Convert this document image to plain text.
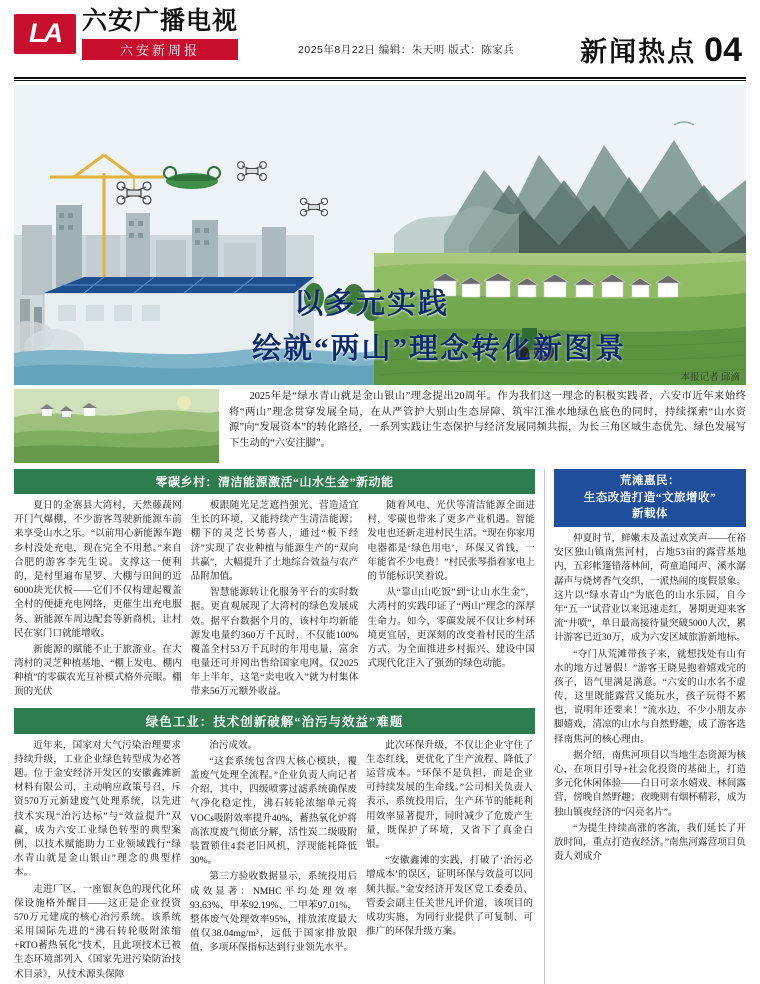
LA 六安广播电视
六安新周报	2025年8月22日 编辑：朱天明 版式：陈家兵 新闻热点 04
以多元实践
绘就“两山”理念转化新图景
本报记者 邱滴
2025年是“绿水青山就是金山银山”理念提出20周年。作为我们这一理念的积极实践者，六安市近年来始终将“两山”理念贯穿发展全局，在从严管护大别山生态屏障、筑牢江淮水地绿色底色的同时，持续探索“山水资源”向“发展资本”的转化路径，一系列实践让生态保护与经济发展同频共振，为长三角区域生态优先、绿色发展写下生动的“六安注脚”。
零碳乡村：清洁能源激活“山水生金”新动能

夏日的金寨县大湾村，天然藤蔬网开门气爆棚，不少游客驾驶新能源车前来享受山水之乐。“以前用心新能源车跑乡村没处充电，现在完全不用愁。”来自合肥的游客李先生说。支撑这一便利的，是村里遍布星罗、大棚与田间的近6000块光伏板——它们不仅构建起覆盖全村的便捷充电网络，更催生出充电服务、新能源车周边配套等新商机，让村民在家门口就能增收。

新能源的赋能不止于旅游业。在大湾村的灵芝种植基地、“棚上发电、棚内种植”的零碳农光互补模式格外亮眼。棚顶的光伏

板跟随光足芝遮挡强光、营造适宜生长的环境，又能持续产生清洁能源；棚下的灵芝长势喜人，通过“板下经济”实现了农业种植与能源生产的“双向共赢”，大幅提升了土地综合效益与农产品附加值。

智慧能源转让化服务平台的实时数据。更直观展现了大湾村的绿色发展成效。据平台数据个月的，该村年均新能源发电量约360万千瓦时，不仅能100%覆盖全村53万千瓦时的年用电量，富余电量还可并网出售给国家电网。仅2025年上半年，这笔“卖电收入”就为村集体带来56万元额外收益。

随着风电、光伏等清洁能源全面进村，零碳也带来了更多产业机遇。智能发电也还新走进村民生活。“现在你家用电器都是‘绿色用电’，环保又省钱，一年能省不少电费！”村民张琴指着家电上的节能标识笑着说。

从“靠山山吃饭”到“让山水生金”，大湾村的实践印证了“两山”理念的深厚生命力。如今，零碳发展不仅让乡村环境更宜居，更深刻的改变着村民的生活方式，为全面推进乡村振兴、建设中国式现代化注入了强劲的绿色动能。

绿色工业：技术创新破解“治污与效益”难题

近年来，国家对大气污染治理要求持续升级，工业企业绿色转型成为必答题。位于金安经济开发区的安徽鑫滩新材料有限公司，主动响应政策号召，斥资570万元新建废气处理系统，以先进技术实现“治污达标”与“效益提升”双赢，成为六安工业绿色转型的典型案例，以技术赋能助力工业领域践行“绿水青山就是金山银山”理念的典型样本。

走进厂区，一座银灰色的现代化环保设施格外醒目——这正是企业投资570万元建成的核心治污系统。该系统采用国际先进的“沸石转轮吸附浓缩+RTO蓄热氧化”技术，且此项技术已被生态环境部列入《国家先进污染防治技术目录》，从技术源头保障

治污成效。

“这套系统包含四大核心模块，覆盖废气处理全流程。”企业负责人向记者介绍，其中，四级喷雾过滤系统确保废气净化稳定性，沸石转轮浓缩单元将VOCs吸附效率提升40%，蓄热氧化炉将高浓度废气彻底分解，活性炭二级吸附装置锁住4套老旧风机，浮现能耗降低30%。

第三方验收数据显示，系统投用后成效显著：NMHC平均处理效率93.63%、甲苯92.19%、二甲苯97.01%，整体废气处理效率95%，排放浓度最大值仅38.04mg/m³，远低于国家排放限值，多项环保指标达到行业领先水平。

此次环保升级，不仅让企业守住了生态红线，更优化了生产流程、降低了运营成本。“环保不是负担，而是企业可持续发展的生命线。”公司相关负责人表示，系统投用后，生产环节的能耗利用效率显著提升，同时减少了危废产生量，既保护了环境，又省下了真金白银。

“安徽鑫滩的实践，打破了‘治污必增成本’的误区，证明环保与效益可以同频共振。”金安经济开发区党工委委员、管委会副主任关世凡评价道，该项目的成功实施，为同行业提供了可复制、可推广的环保升级方案。

荒滩惠民：
生态改造打造“文旅增收”
新载体

仲夏时节，鲜嫩未及盖过欢笑声——在裕安区独山镇南焦河村，占地53亩的露营基地内，五彩帐篷错落林间，荷童追闻声、溪水潺潺声与烧烤香气交织，一派热闹的度假景象。这片以“绿水青山”为底色的山水乐园，自今年“五一”试营业以来迅速走红，暑期更迎来客流“井喷”，单日最高接待量突破5000人次，累计游客已近30万，成为六安区域旅游新地标。

“夺门从荒滩带孩子来，就想找处有山有水的地方过暑假！”游客王晓晃抱着嬉戏完的孩子，语气里满是满意。“六安的山水名不虚传，这里既能露营又能玩水，孩子玩得不累也，说明年还要来！”流水边，不少小朋友赤脚嬉戏，清凉的山水与自然野趣，成了游客选择南焦河的核心理由。

据介绍，南焦河项目以当地生态资源为核心，在项目引导+社会化投资的基础上，打造多元化休闲体验——白日可亲水嬉戏、林间露营，傍晚自然野趣；夜晚则有烟杯精彩，成为独山镇夜经济的“闪亮名片”。

“为提生持续高涨的客流，我们延长了开放时间，重点打造夜经济。”南焦河露营项目负责人刘成介
